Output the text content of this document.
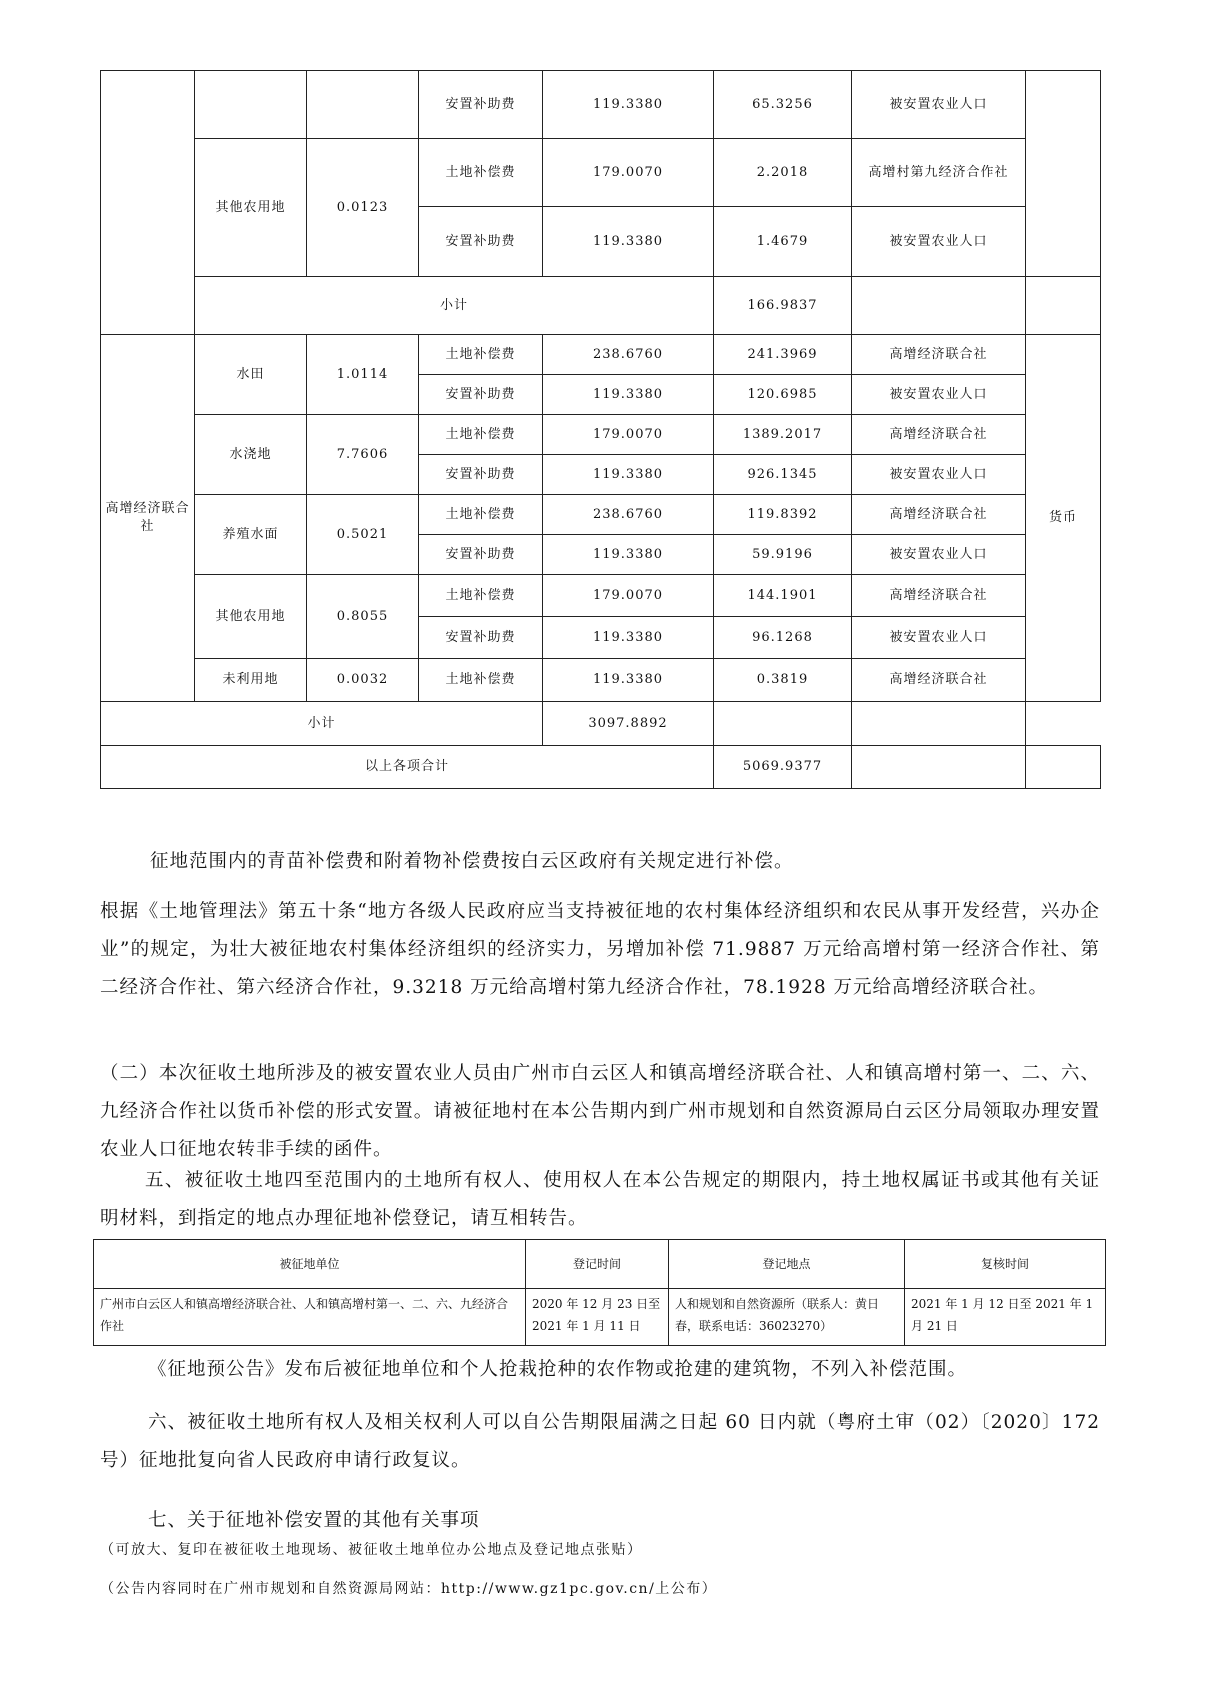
			安置补助费	119.3380	65.3256	被安置农业人口	
	其他农用地	0.0123	土地补偿费	179.0070	2.2018	高增村第九经济合作社	
			安置补助费	119.3380	1.4679	被安置农业人口	
	小计				166.9837		
高增经济联合社	水田	1.0114	土地补偿费	238.6760	241.3969	高增经济联合社	货币
			安置补助费	119.3380	120.6985	被安置农业人口	
	水浇地	7.7606	土地补偿费	179.0070	1389.2017	高增经济联合社	
			安置补助费	119.3380	926.1345	被安置农业人口	
	养殖水面	0.5021	土地补偿费	238.6760	119.8392	高增经济联合社	
			安置补助费	119.3380	59.9196	被安置农业人口	
	其他农用地	0.8055	土地补偿费	179.0070	144.1901	高增经济联合社	
			安置补助费	119.3380	96.1268	被安置农业人口	
	未利用地	0.0032	土地补偿费	119.3380	0.3819	高增经济联合社	
小计				3097.8892			
以上各项合计					5069.9377		
征地范围内的青苗补偿费和附着物补偿费按白云区政府有关规定进行补偿。
根据《土地管理法》第五十条“地方各级人民政府应当支持被征地的农村集体经济组织和农民从事开发经营，兴办企业”的规定，为壮大被征地农村集体经济组织的经济实力，另增加补偿 71.9887 万元给高增村第一经济合作社、第二经济合作社、第六经济合作社，9.3218 万元给高增村第九经济合作社，78.1928 万元给高增经济联合社。
（二）本次征收土地所涉及的被安置农业人员由广州市白云区人和镇高增经济联合社、人和镇高增村第一、二、六、九经济合作社以货币补偿的形式安置。请被征地村在本公告期内到广州市规划和自然资源局白云区分局领取办理安置农业人口征地农转非手续的函件。
五、被征收土地四至范围内的土地所有权人、使用权人在本公告规定的期限内，持土地权属证书或其他有关证明材料，到指定的地点办理征地补偿登记，请互相转告。
被征地单位	登记时间	登记地点	复核时间
广州市白云区人和镇高增经济联合社、人和镇高增村第一、二、六、九经济合作社	2020 年 12 月 23 日至 2021 年 1 月 11 日	人和规划和自然资源所（联系人：黄日春，联系电话：36023270）	2021 年 1 月 12 日至 2021 年 1 月 21 日
《征地预公告》发布后被征地单位和个人抢栽抢种的农作物或抢建的建筑物，不列入补偿范围。
六、被征收土地所有权人及相关权利人可以自公告期限届满之日起 60 日内就（粤府土审（02）〔2020〕172 号）征地批复向省人民政府申请行政复议。
七、关于征地补偿安置的其他有关事项
（可放大、复印在被征收土地现场、被征收土地单位办公地点及登记地点张贴）
（公告内容同时在广州市规划和自然资源局网站：http://www.gz1pc.gov.cn/上公布）
